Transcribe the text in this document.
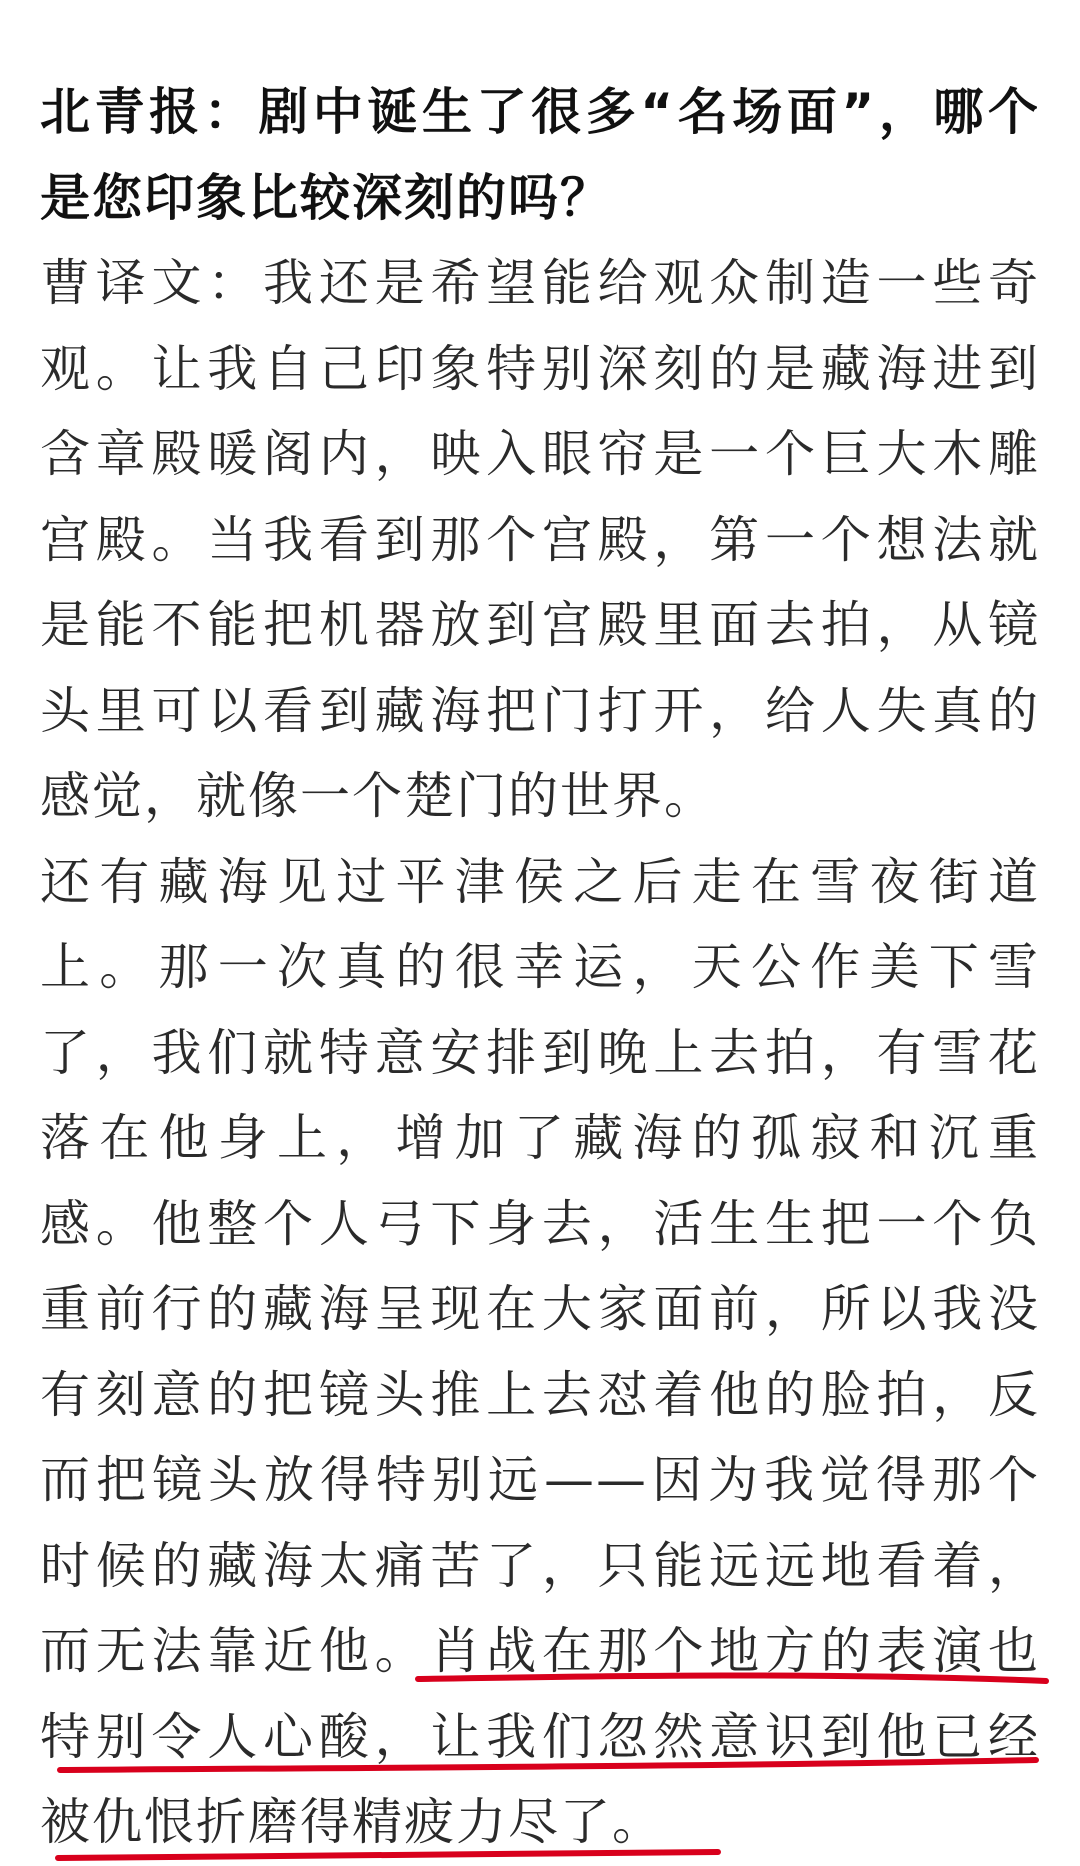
北青报：剧中诞生了很多“名场面”，哪个
是您印象比较深刻的吗？
曹译文：我还是希望能给观众制造一些奇
观。让我自己印象特别深刻的是藏海进到
含章殿暖阁内，映入眼帘是一个巨大木雕
宫殿。当我看到那个宫殿，第一个想法就
是能不能把机器放到宫殿里面去拍，从镜
头里可以看到藏海把门打开，给人失真的
感觉，就像一个楚门的世界。
还有藏海见过平津侯之后走在雪夜街道
上。那一次真的很幸运，天公作美下雪
了，我们就特意安排到晚上去拍，有雪花
落在他身上，增加了藏海的孤寂和沉重
感。他整个人弓下身去，活生生把一个负
重前行的藏海呈现在大家面前，所以我没
有刻意的把镜头推上去怼着他的脸拍，反
而把镜头放得特别远——因为我觉得那个
时候的藏海太痛苦了，只能远远地看着，
而无法靠近他。肖战在那个地方的表演也
特别令人心酸，让我们忽然意识到他已经
被仇恨折磨得精疲力尽了。
